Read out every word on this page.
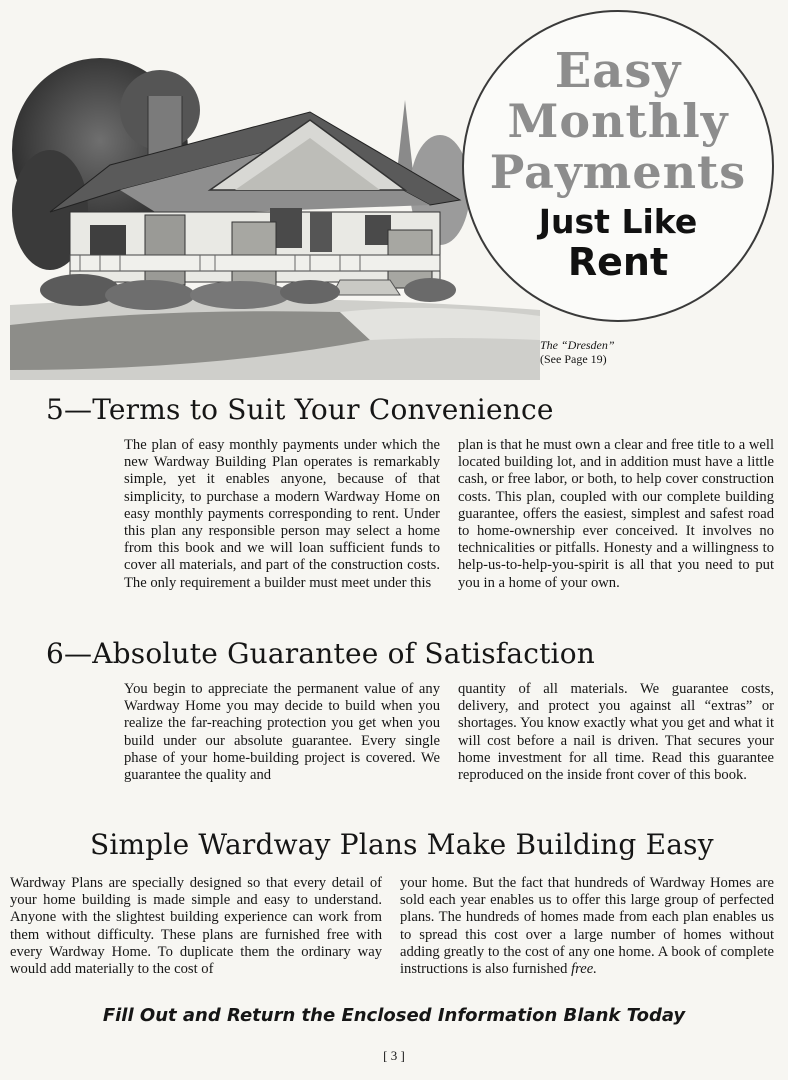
The “Dresden”
(See Page 19)
Easy
Monthly
Payments
Just Like
Rent
5—Terms to Suit Your Convenience

The plan of easy monthly payments under which the new Wardway Building Plan operates is remarkably simple, yet it enables anyone, because of that simplicity, to purchase a modern Wardway Home on easy monthly payments corresponding to rent. Under this plan any responsible person may select a home from this book and we will loan sufficient funds to cover all materials, and part of the construction costs. The only requirement a builder must meet under this

plan is that he must own a clear and free title to a well located building lot, and in addition must have a little cash, or free labor, or both, to help cover construction costs. This plan, coupled with our complete building guarantee, offers the easiest, simplest and safest road to home-ownership ever conceived. It involves no technicalities or pitfalls. Honesty and a willingness to help-us-to-help-you-spirit is all that you need to put you in a home of your own.

6—Absolute Guarantee of Satisfaction

You begin to appreciate the permanent value of any Wardway Home you may decide to build when you realize the far-reaching protection you get when you build under our absolute guarantee. Every single phase of your home-building project is covered. We guarantee the quality and

quantity of all materials. We guarantee costs, delivery, and protect you against all “extras” or shortages. You know exactly what you get and what it will cost before a nail is driven. That secures your home investment for all time. Read this guarantee reproduced on the inside front cover of this book.

Simple Wardway Plans Make Building Easy

Wardway Plans are specially designed so that every detail of your home building is made simple and easy to understand. Anyone with the slightest building experience can work from them without difficulty. These plans are furnished free with every Wardway Home. To duplicate them the ordinary way would add materially to the cost of

your home. But the fact that hundreds of Wardway Homes are sold each year enables us to offer this large group of perfected plans. The hundreds of homes made from each plan enables us to spread this cost over a large number of homes without adding greatly to the cost of any one home. A book of complete instructions is also furnished free.

Fill Out and Return the Enclosed Information Blank Today
[ 3 ]
